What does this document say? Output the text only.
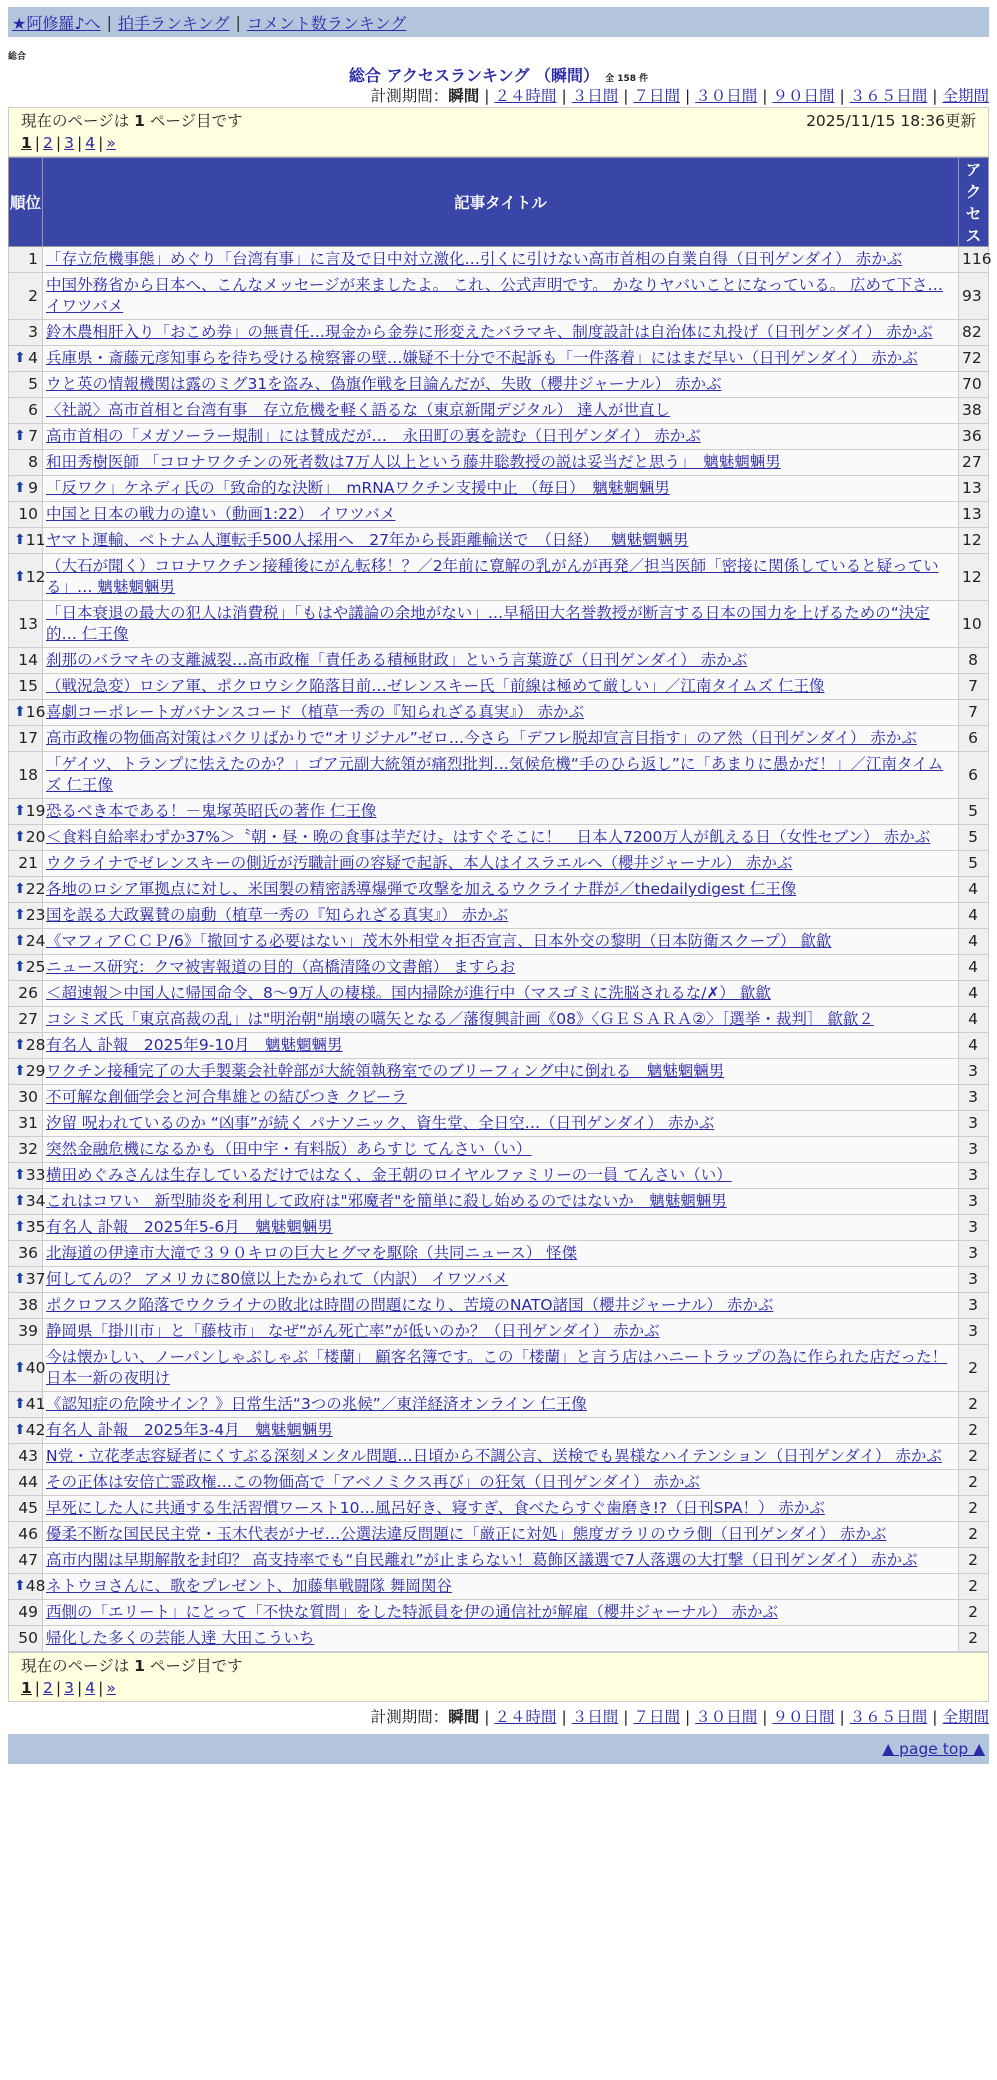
★阿修羅♪へ | 拍手ランキング | コメント数ランキング
総合
総合 アクセスランキング （瞬間） 全 158 件
計測期間：瞬間 | ２４時間 | ３日間 | ７日間 | ３０日間 | ９０日間 | ３６５日間 | 全期間
現在のページは 1 ページ目です	2025/11/15 18:36更新
1 | 2 | 3 | 4 | »
順位	記事タイトル	アクセス
1	「存立危機事態」めぐり「台湾有事」に言及で日中対立激化…引くに引けない高市首相の自業自得（日刊ゲンダイ） 赤かぶ	116
2	中国外務省から日本へ、こんなメッセージが来ましたよ。 これ、公式声明です。 かなりヤバいことになっている。 広めて下さ… イワツバメ	93
3	鈴木農相肝入り「おこめ券」の無責任…現金から金券に形変えたバラマキ、制度設計は自治体に丸投げ（日刊ゲンダイ） 赤かぶ	82

⬆ 4	兵庫県・斎藤元彦知事らを待ち受ける検察審の壁…嫌疑不十分で不起訴も「一件落着」にはまだ早い（日刊ゲンダイ） 赤かぶ	72
5	ウと英の情報機関は露のミグ31を盗み、偽旗作戦を目論んだが、失敗（櫻井ジャーナル） 赤かぶ	70
6	〈社説〉高市首相と台湾有事　存立危機を軽く語るな（東京新聞デジタル） 達人が世直し	38

⬆ 7	高市首相の「メガソーラー規制」には賛成だが…　永田町の裏を読む（日刊ゲンダイ） 赤かぶ	36
8	和田秀樹医師 「コロナワクチンの死者数は7万人以上という藤井聡教授の説は妥当だと思う」　魑魅魍魎男	27

⬆ 9	「反ワク」ケネディ氏の「致命的な決断」　mRNAワクチン支援中止 （毎日）　魑魅魍魎男	13
10	中国と日本の戦力の違い（動画1:22） イワツバメ	13

⬆ 11	ヤマト運輸、ベトナム人運転手500人採用へ　27年から長距離輸送で　（日経）　 魑魅魍魎男	12

⬆ 12	（大石が聞く）コロナワクチン接種後にがん転移！？／2年前に寛解の乳がんが再発／担当医師「密接に関係していると疑っている」… 魑魅魍魎男	12
13	「日本衰退の最大の犯人は消費税」「もはや議論の余地がない」…早稲田大名誉教授が断言する日本の国力を上げるための“決定的… 仁王像	10
14	刹那のバラマキの支離滅裂…高市政権「責任ある積極財政」という言葉遊び（日刊ゲンダイ） 赤かぶ	8
15	（戦況急変）ロシア軍、ポクロウシク陥落目前…ゼレンスキー氏「前線は極めて厳しい」／江南タイムズ 仁王像	7

⬆ 16	喜劇コーポレートガバナンスコード（植草一秀の『知られざる真実』） 赤かぶ	7
17	高市政権の物価高対策はパクリばかりで“オリジナル”ゼロ…今さら「デフレ脱却宣言目指す」のア然（日刊ゲンダイ） 赤かぶ	6
18	「ゲイツ、トランプに怯えたのか？」ゴア元副大統領が痛烈批判…気候危機“手のひら返し”に「あまりに愚かだ！」／江南タイムズ 仁王像	6

⬆ 19	恐るべき本である！－鬼塚英昭氏の著作 仁王像	5

⬆ 20	＜食料自給率わずか37%＞〝朝・昼・晩の食事は芋だけ〟はすぐそこに！　日本人7200万人が飢える日（女性セブン） 赤かぶ	5
21	ウクライナでゼレンスキーの側近が汚職計画の容疑で起訴、本人はイスラエルへ（櫻井ジャーナル） 赤かぶ	5

⬆ 22	各地のロシア軍拠点に対し、米国製の精密誘導爆弾で攻撃を加えるウクライナ群が／thedailydigest 仁王像	4

⬆ 23	国を誤る大政翼賛の扇動（植草一秀の『知られざる真実』） 赤かぶ	4

⬆ 24	《マフィアＣＣＰ/6》「撤回する必要はない」茂木外相堂々拒否宣言、日本外交の黎明（日本防衛スクープ） 歙歙	4

⬆ 25	ニュース研究：クマ被害報道の目的（高橋清隆の文書館） ますらお	4
26	＜超速報＞中国人に帰国命令、8～9万人の棲様。国内掃除が進行中（マスゴミに洗脳されるな/✗） 歙歙	4
27	コシミズ氏「東京高裁の乱」は"明治朝"崩壊の嚆矢となる／藩復興計画《08》〈ＧＥＳＡＲＡ②〉［選挙・裁判］ 歙歙２	4

⬆ 28	有名人 訃報　2025年9-10月　魑魅魍魎男	4

⬆ 29	ワクチン接種完了の大手製薬会社幹部が大統領執務室でのブリーフィング中に倒れる　魑魅魍魎男	3
30	不可解な創価学会と河合隼雄との結びつき クビーラ	3
31	汐留 呪われているのか “凶事”が続く パナソニック、資生堂、全日空…（日刊ゲンダイ） 赤かぶ	3
32	突然金融危機になるかも（田中宇・有料版）あらすじ てんさい（い）	3

⬆ 33	横田めぐみさんは生存しているだけではなく、金王朝のロイヤルファミリーの一員 てんさい（い）	3

⬆ 34	これはコワい　新型肺炎を利用して政府は"邪魔者"を簡単に殺し始めるのではないか　魑魅魍魎男	3

⬆ 35	有名人 訃報　2025年5-6月　魑魅魍魎男	3
36	北海道の伊達市大滝で３９０キロの巨大ヒグマを駆除（共同ニュース） 怪傑	3

⬆ 37	何してんの？ アメリカに80億以上たかられて（内訳） イワツバメ	3
38	ポクロフスク陥落でウクライナの敗北は時間の問題になり、苦境のNATO諸国（櫻井ジャーナル） 赤かぶ	3
39	静岡県「掛川市」と「藤枝市」 なぜ“がん死亡率”が低いのか？（日刊ゲンダイ） 赤かぶ	3

⬆ 40	今は懐かしい、ノーパンしゃぶしゃぶ「楼蘭」 顧客名簿です。この「楼蘭」と言う店はハニートラップの為に作られた店だった！ 日本一新の夜明け	2

⬆ 41	《認知症の危険サイン？》日常生活“3つの兆候”／東洋経済オンライン 仁王像	2

⬆ 42	有名人 訃報　2025年3-4月　魑魅魍魎男	2
43	N党・立花孝志容疑者にくすぶる深刻メンタル問題…日頃から不調公言、送検でも異様なハイテンション（日刊ゲンダイ） 赤かぶ	2
44	その正体は安倍亡霊政権…この物価高で「アベノミクス再び」の狂気（日刊ゲンダイ） 赤かぶ	2
45	早死にした人に共通する生活習慣ワースト10…風呂好き、寝すぎ、食べたらすぐ歯磨き!?（日刊SPA！） 赤かぶ	2
46	優柔不断な国民民主党・玉木代表がナゼ…公選法違反問題に「厳正に対処」態度ガラリのウラ側（日刊ゲンダイ） 赤かぶ	2
47	高市内閣は早期解散を封印？ 高支持率でも“自民離れ”が止まらない！葛飾区議選で7人落選の大打撃（日刊ゲンダイ） 赤かぶ	2

⬆ 48	ネトウヨさんに、歌をプレゼント、加藤隼戦闘隊 舞岡関谷	2
49	西側の「エリート」にとって「不快な質問」をした特派員を伊の通信社が解雇（櫻井ジャーナル） 赤かぶ	2
50	帰化した多くの芸能人達 大田こういち	2
現在のページは 1 ページ目です
1 | 2 | 3 | 4 | »
計測期間：瞬間 | ２４時間 | ３日間 | ７日間 | ３０日間 | ９０日間 | ３６５日間 | 全期間
▲ page top ▲
